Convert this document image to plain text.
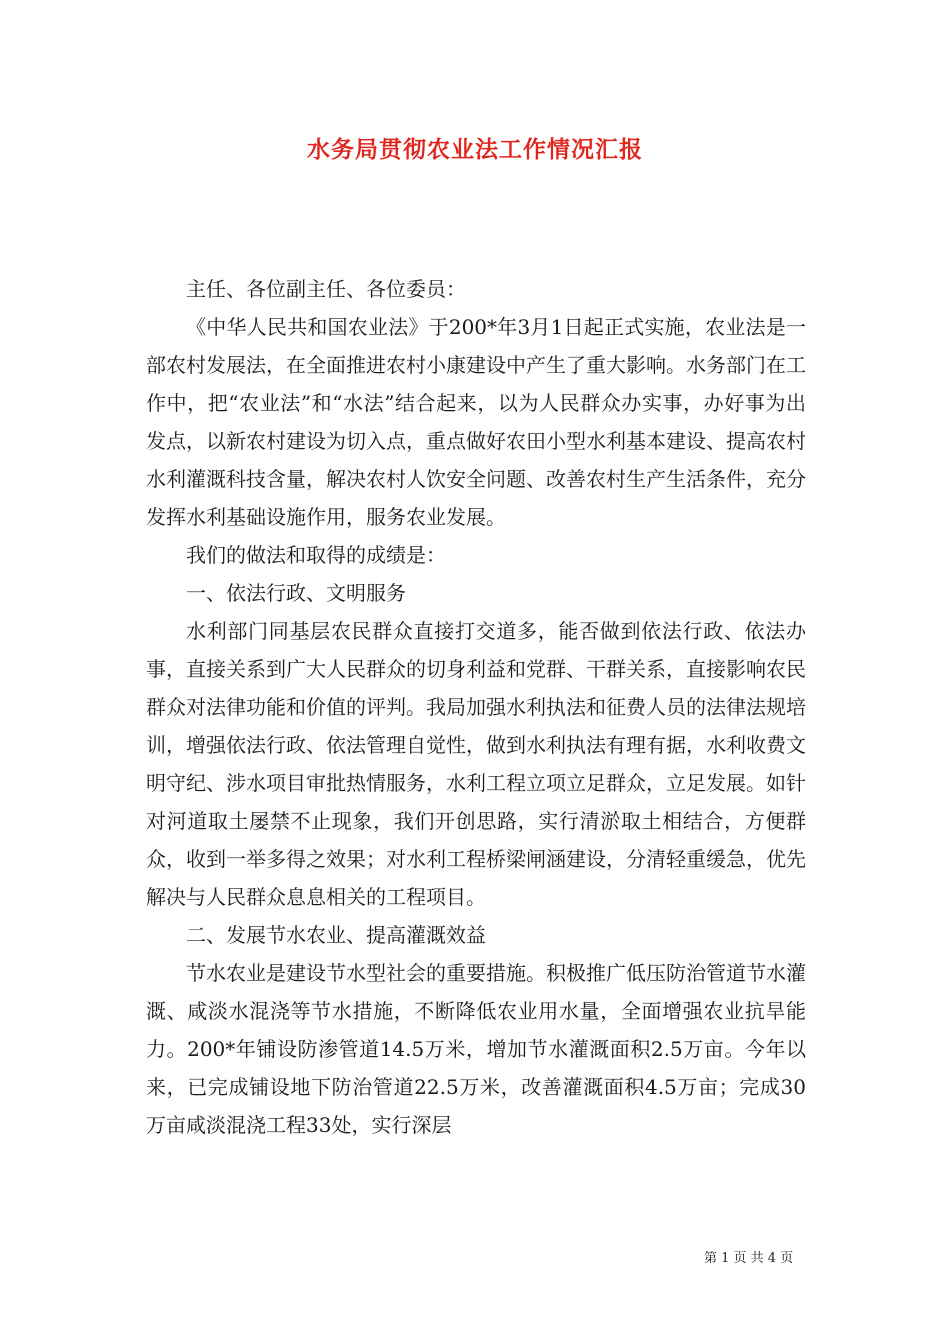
水务局贯彻农业法工作情况汇报

主任、各位副主任、各位委员：

《中华人民共和国农业法》于200*年3月1日起正式实施，农业法是一部农村发展法，在全面推进农村小康建设中产生了重大影响。水务部门在工作中，把“农业法”和“水法”结合起来，以为人民群众办实事，办好事为出发点，以新农村建设为切入点，重点做好农田小型水利基本建设、提高农村水利灌溉科技含量，解决农村人饮安全问题、改善农村生产生活条件，充分发挥水利基础设施作用，服务农业发展。

我们的做法和取得的成绩是：

一、依法行政、文明服务

水利部门同基层农民群众直接打交道多，能否做到依法行政、依法办事，直接关系到广大人民群众的切身利益和党群、干群关系，直接影响农民群众对法律功能和价值的评判。我局加强水利执法和征费人员的法律法规培训，增强依法行政、依法管理自觉性，做到水利执法有理有据，水利收费文明守纪、涉水项目审批热情服务，水利工程立项立足群众，立足发展。如针对河道取土屡禁不止现象，我们开创思路，实行清淤取土相结合，方便群众，收到一举多得之效果；对水利工程桥梁闸涵建设，分清轻重缓急，优先解决与人民群众息息相关的工程项目。

二、发展节水农业、提高灌溉效益

节水农业是建设节水型社会的重要措施。积极推广低压防治管道节水灌溉、咸淡水混浇等节水措施，不断降低农业用水量，全面增强农业抗旱能力。200*年铺设防渗管道14.5万米，增加节水灌溉面积2.5万亩。今年以来，已完成铺设地下防治管道22.5万米，改善灌溉面积4.5万亩；完成30万亩咸淡混浇工程33处，实行深层

第 1 页 共 4 页
